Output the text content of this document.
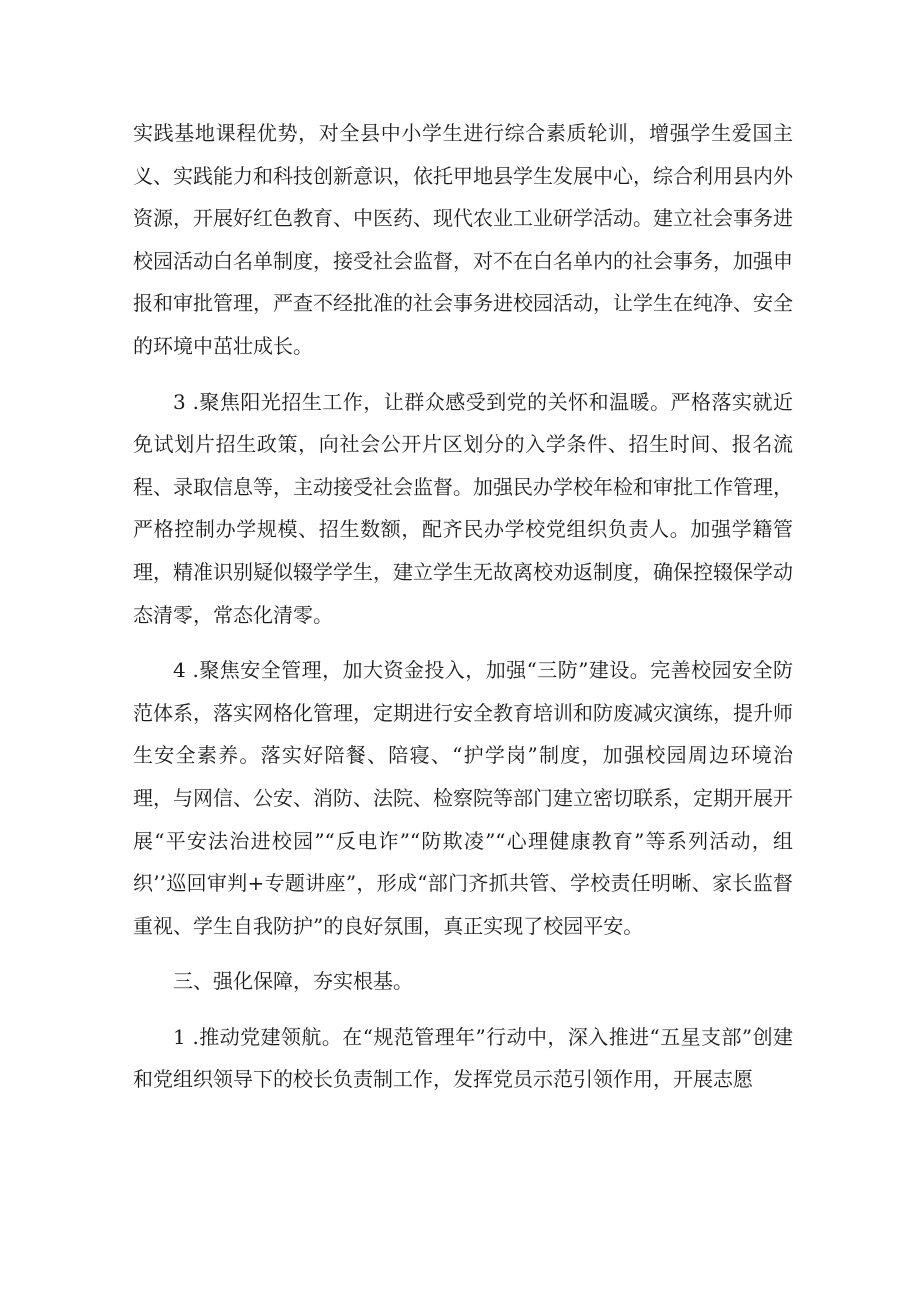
实践基地课程优势，对全县中小学生进行综合素质轮训，增强学生爱国主义、实践能力和科技创新意识，依托甲地县学生发展中心，综合利用县内外资源，开展好红色教育、中医药、现代农业工业研学活动。建立社会事务进校园活动白名单制度，接受社会监督，对不在白名单内的社会事务，加强申报和审批管理，严查不经批准的社会事务进校园活动，让学生在纯净、安全的环境中茁壮成长。

3 .聚焦阳光招生工作，让群众感受到党的关怀和温暖。严格落实就近免试划片招生政策，向社会公开片区划分的入学条件、招生时间、报名流程、录取信息等，主动接受社会监督。加强民办学校年检和审批工作管理，严格控制办学规模、招生数额，配齐民办学校党组织负责人。加强学籍管理，精准识别疑似辍学学生，建立学生无故离校劝返制度，确保控辍保学动态清零，常态化清零。

4 .聚焦安全管理，加大资金投入，加强“三防”建设。完善校园安全防范体系，落实网格化管理，定期进行安全教育培训和防废减灾演练，提升师生安全素养。落实好陪餐、陪寝、“护学岗”制度，加强校园周边环境治理，与网信、公安、消防、法院、检察院等部门建立密切联系，定期开展开展“平安法治进校园”“反电诈”“防欺凌”“心理健康教育”等系列活动，组织’’巡回审判+专题讲座”，形成“部门齐抓共管、学校责任明晰、家长监督重视、学生自我防护”的良好氛围，真正实现了校园平安。

三、强化保障，夯实根基。

1 .推动党建领航。在“规范管理年”行动中，深入推进“五星支部”创建和党组织领导下的校长负责制工作，发挥党员示范引领作用，开展志愿
